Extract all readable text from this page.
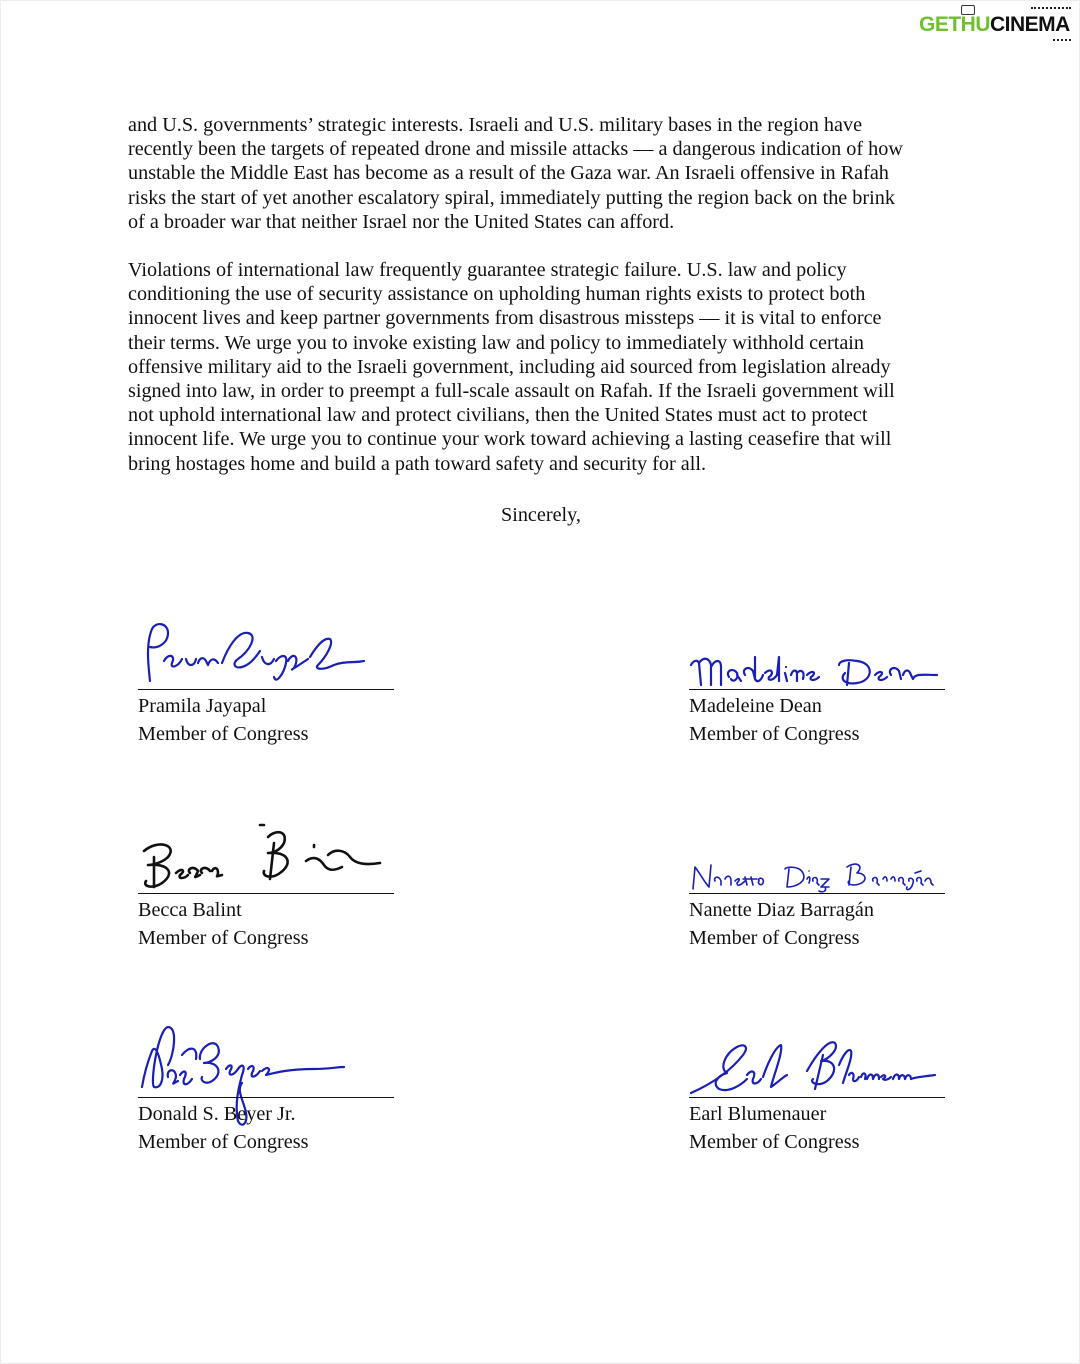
GETHUCINEMA

and U.S. governments’ strategic interests. Israeli and U.S. military bases in the region have
recently been the targets of repeated drone and missile attacks — a dangerous indication of how
unstable the Middle East has become as a result of the Gaza war. An Israeli offensive in Rafah
risks the start of yet another escalatory spiral, immediately putting the region back on the brink
of a broader war that neither Israel nor the United States can afford.

Violations of international law frequently guarantee strategic failure. U.S. law and policy
conditioning the use of security assistance on upholding human rights exists to protect both
innocent lives and keep partner governments from disastrous missteps — it is vital to enforce
their terms. We urge you to invoke existing law and policy to immediately withhold certain
offensive military aid to the Israeli government, including aid sourced from legislation already
signed into law, in order to preempt a full-scale assault on Rafah. If the Israeli government will
not uphold international law and protect civilians, then the United States must act to protect
innocent life. We urge you to continue your work toward achieving a lasting ceasefire that will
bring hostages home and build a path toward safety and security for all.

Sincerely,
Pramila Jayapal
Member of Congress
Madeleine Dean
Member of Congress
Becca Balint
Member of Congress
Nanette Diaz Barragán
Member of Congress
Donald S. Beyer Jr.
Member of Congress
Earl Blumenauer
Member of Congress
